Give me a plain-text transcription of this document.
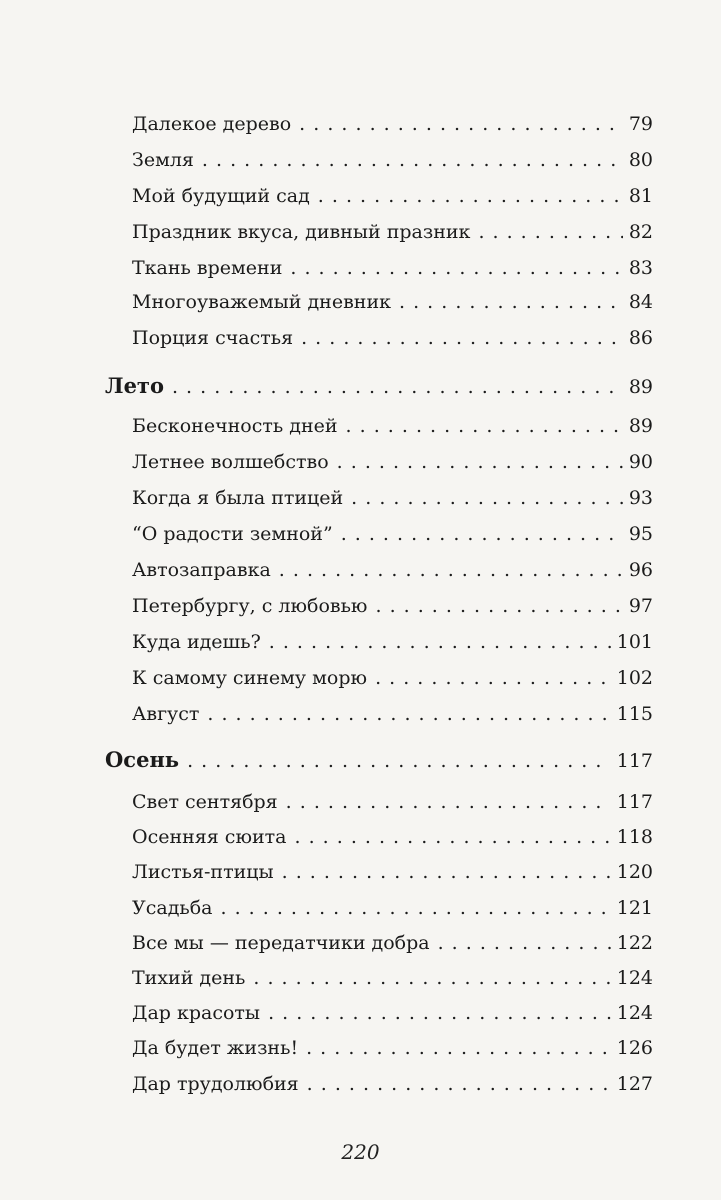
Далекое дерево . . .	79
Земля . . .	80
Мой будущий сад . . .	81
Праздник вкуса, дивный празник . . .	82
Ткань времени . . .	83
Многоуважемый дневник . . .	84
Порция счастья . . .	86
Лето . . .	89
Бесконечность дней . . .	89
Летнее волшебство . . .	90
Когда я была птицей . . .	93
“О радости земной” . . .	95
Автозаправка . . .	96
Петербургу, с любовью . . .	97
Куда идешь? . . .	101
К самому синему морю . . .	102
Август . . .	115
Осень . . .	117
Свет сентября . . .	117
Осенняя сюита . . .	118
Листья-птицы . . .	120
Усадьба . . .	121
Все мы — передатчики добра . . .	122
Тихий день . . .	124
Дар красоты . . .	124
Да будет жизнь! . . .	126
Дар трудолюбия . . .	127
220
